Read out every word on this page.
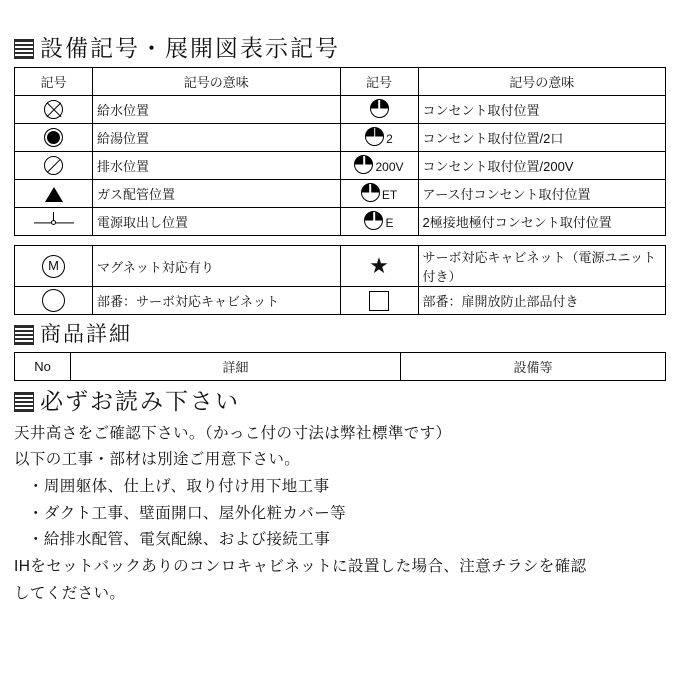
設備記号・展開図表示記号
記号	記号の意味	記号	記号の意味
	給水位置		コンセント取付位置
	給湯位置	2	コンセント取付位置/2口
	排水位置	200V	コンセント取付位置/200V
	ガス配管位置	ET	アース付コンセント取付位置

	電源取出し位置	E	2極接地極付コンセント取付位置
M	マグネット対応有り	★	サーボ対応キャビネット（電源ユニット付き）
	部番：サーボ対応キャビネット		部番：扉開放防止部品付き
商品詳細
No	詳細	設備等
必ずお読み下さい

天井高さをご確認下さい。（かっこ付の寸法は弊社標準です）

以下の工事・部材は別途ご用意下さい。

・周囲躯体、仕上げ、取り付け用下地工事

・ダクト工事、壁面開口、屋外化粧カバー等

・給排水配管、電気配線、および接続工事

IHをセットバックありのコンロキャビネットに設置した場合、注意チラシを確認

してください。
